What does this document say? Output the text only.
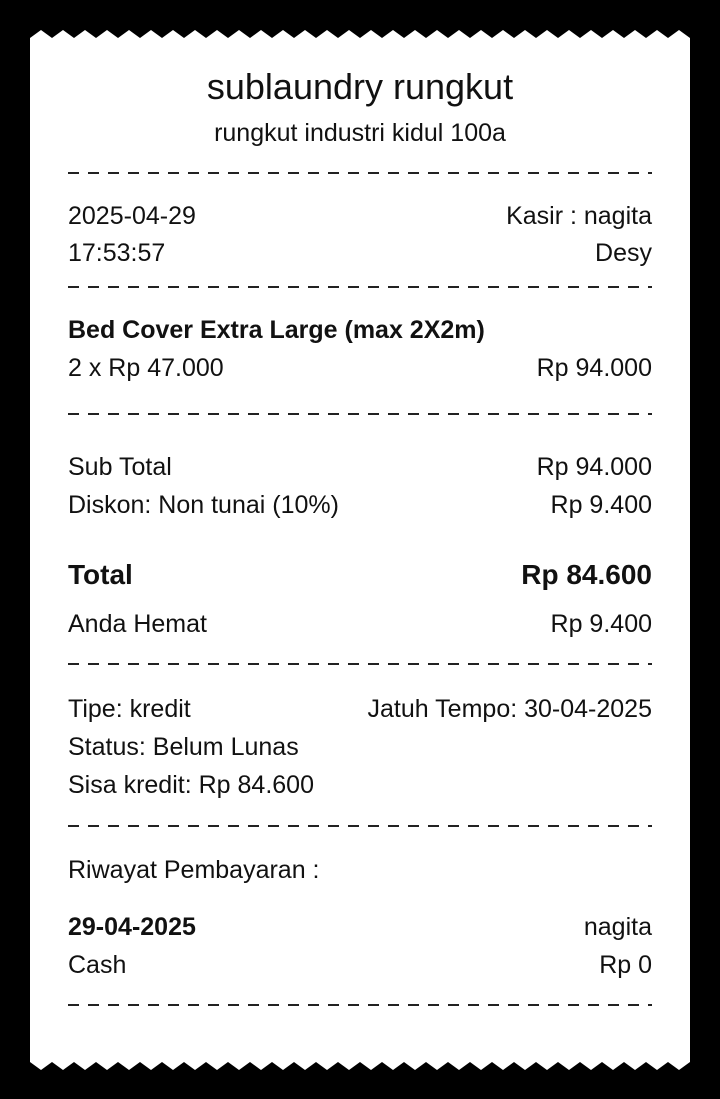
sublaundry rungkut
rungkut industri kidul 100a
2025-04-29	Kasir : nagita
17:53:57	Desy
Bed Cover Extra Large (max 2X2m)
2 x Rp 47.000	Rp 94.000
Sub Total	Rp 94.000
Diskon: Non tunai (10%)	Rp 9.400
Total	Rp 84.600
Anda Hemat	Rp 9.400
Tipe: kredit	Jatuh Tempo: 30-04-2025
Status: Belum Lunas
Sisa kredit: Rp 84.600
Riwayat Pembayaran :
29-04-2025	nagita
Cash	Rp 0
